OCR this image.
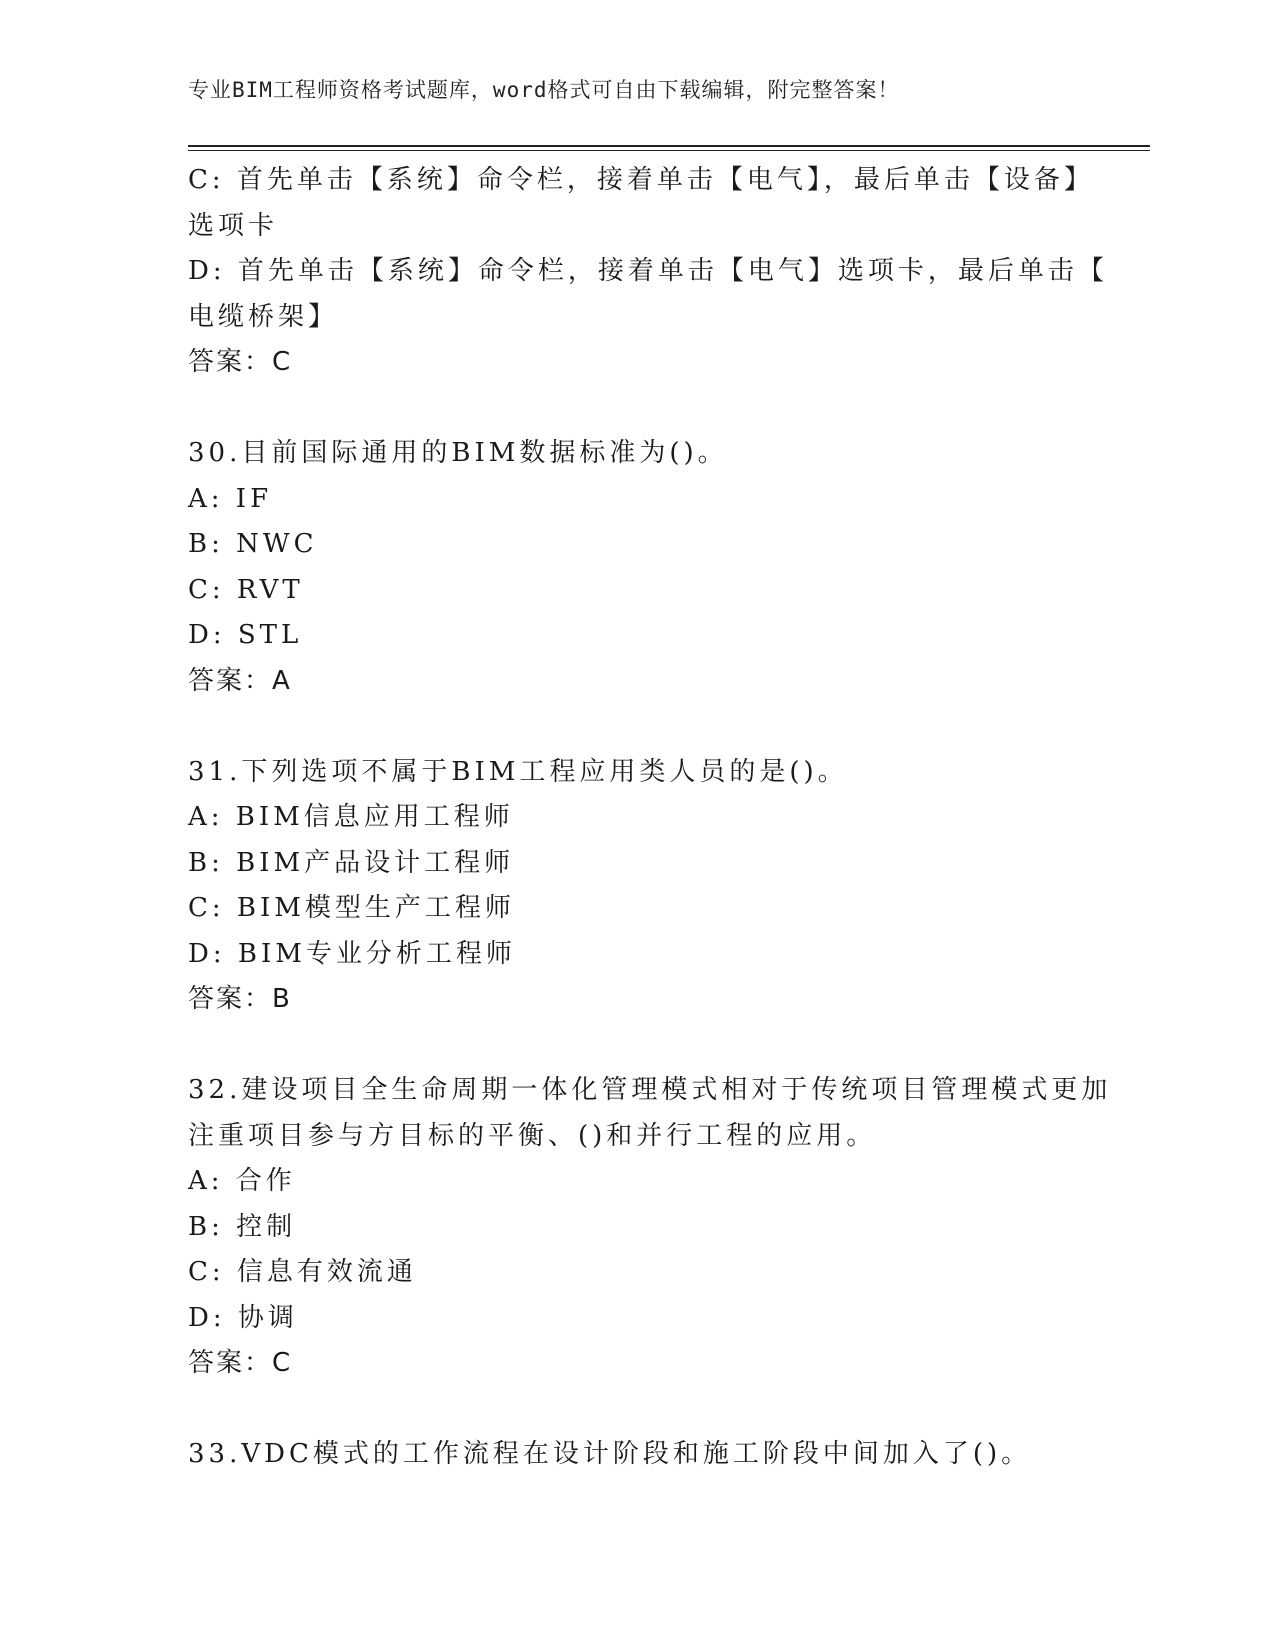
专业BIM工程师资格考试题库，word格式可自由下载编辑，附完整答案！
C: 首先单击【系统】命令栏，接着单击【电气】，最后单击【设备】
选项卡
D: 首先单击【系统】命令栏，接着单击【电气】选项卡，最后单击【
电缆桥架】
答案：C
30.目前国际通用的BIM数据标准为()。
A: IF
B: NWC
C: RVT
D: STL
答案：A
31.下列选项不属于BIM工程应用类人员的是()。
A: BIM信息应用工程师
B: BIM产品设计工程师
C: BIM模型生产工程师
D: BIM专业分析工程师
答案：B
32.建设项目全生命周期一体化管理模式相对于传统项目管理模式更加
注重项目参与方目标的平衡、()和并行工程的应用。
A: 合作
B: 控制
C: 信息有效流通
D: 协调
答案：C
33.VDC模式的工作流程在设计阶段和施工阶段中间加入了()。
